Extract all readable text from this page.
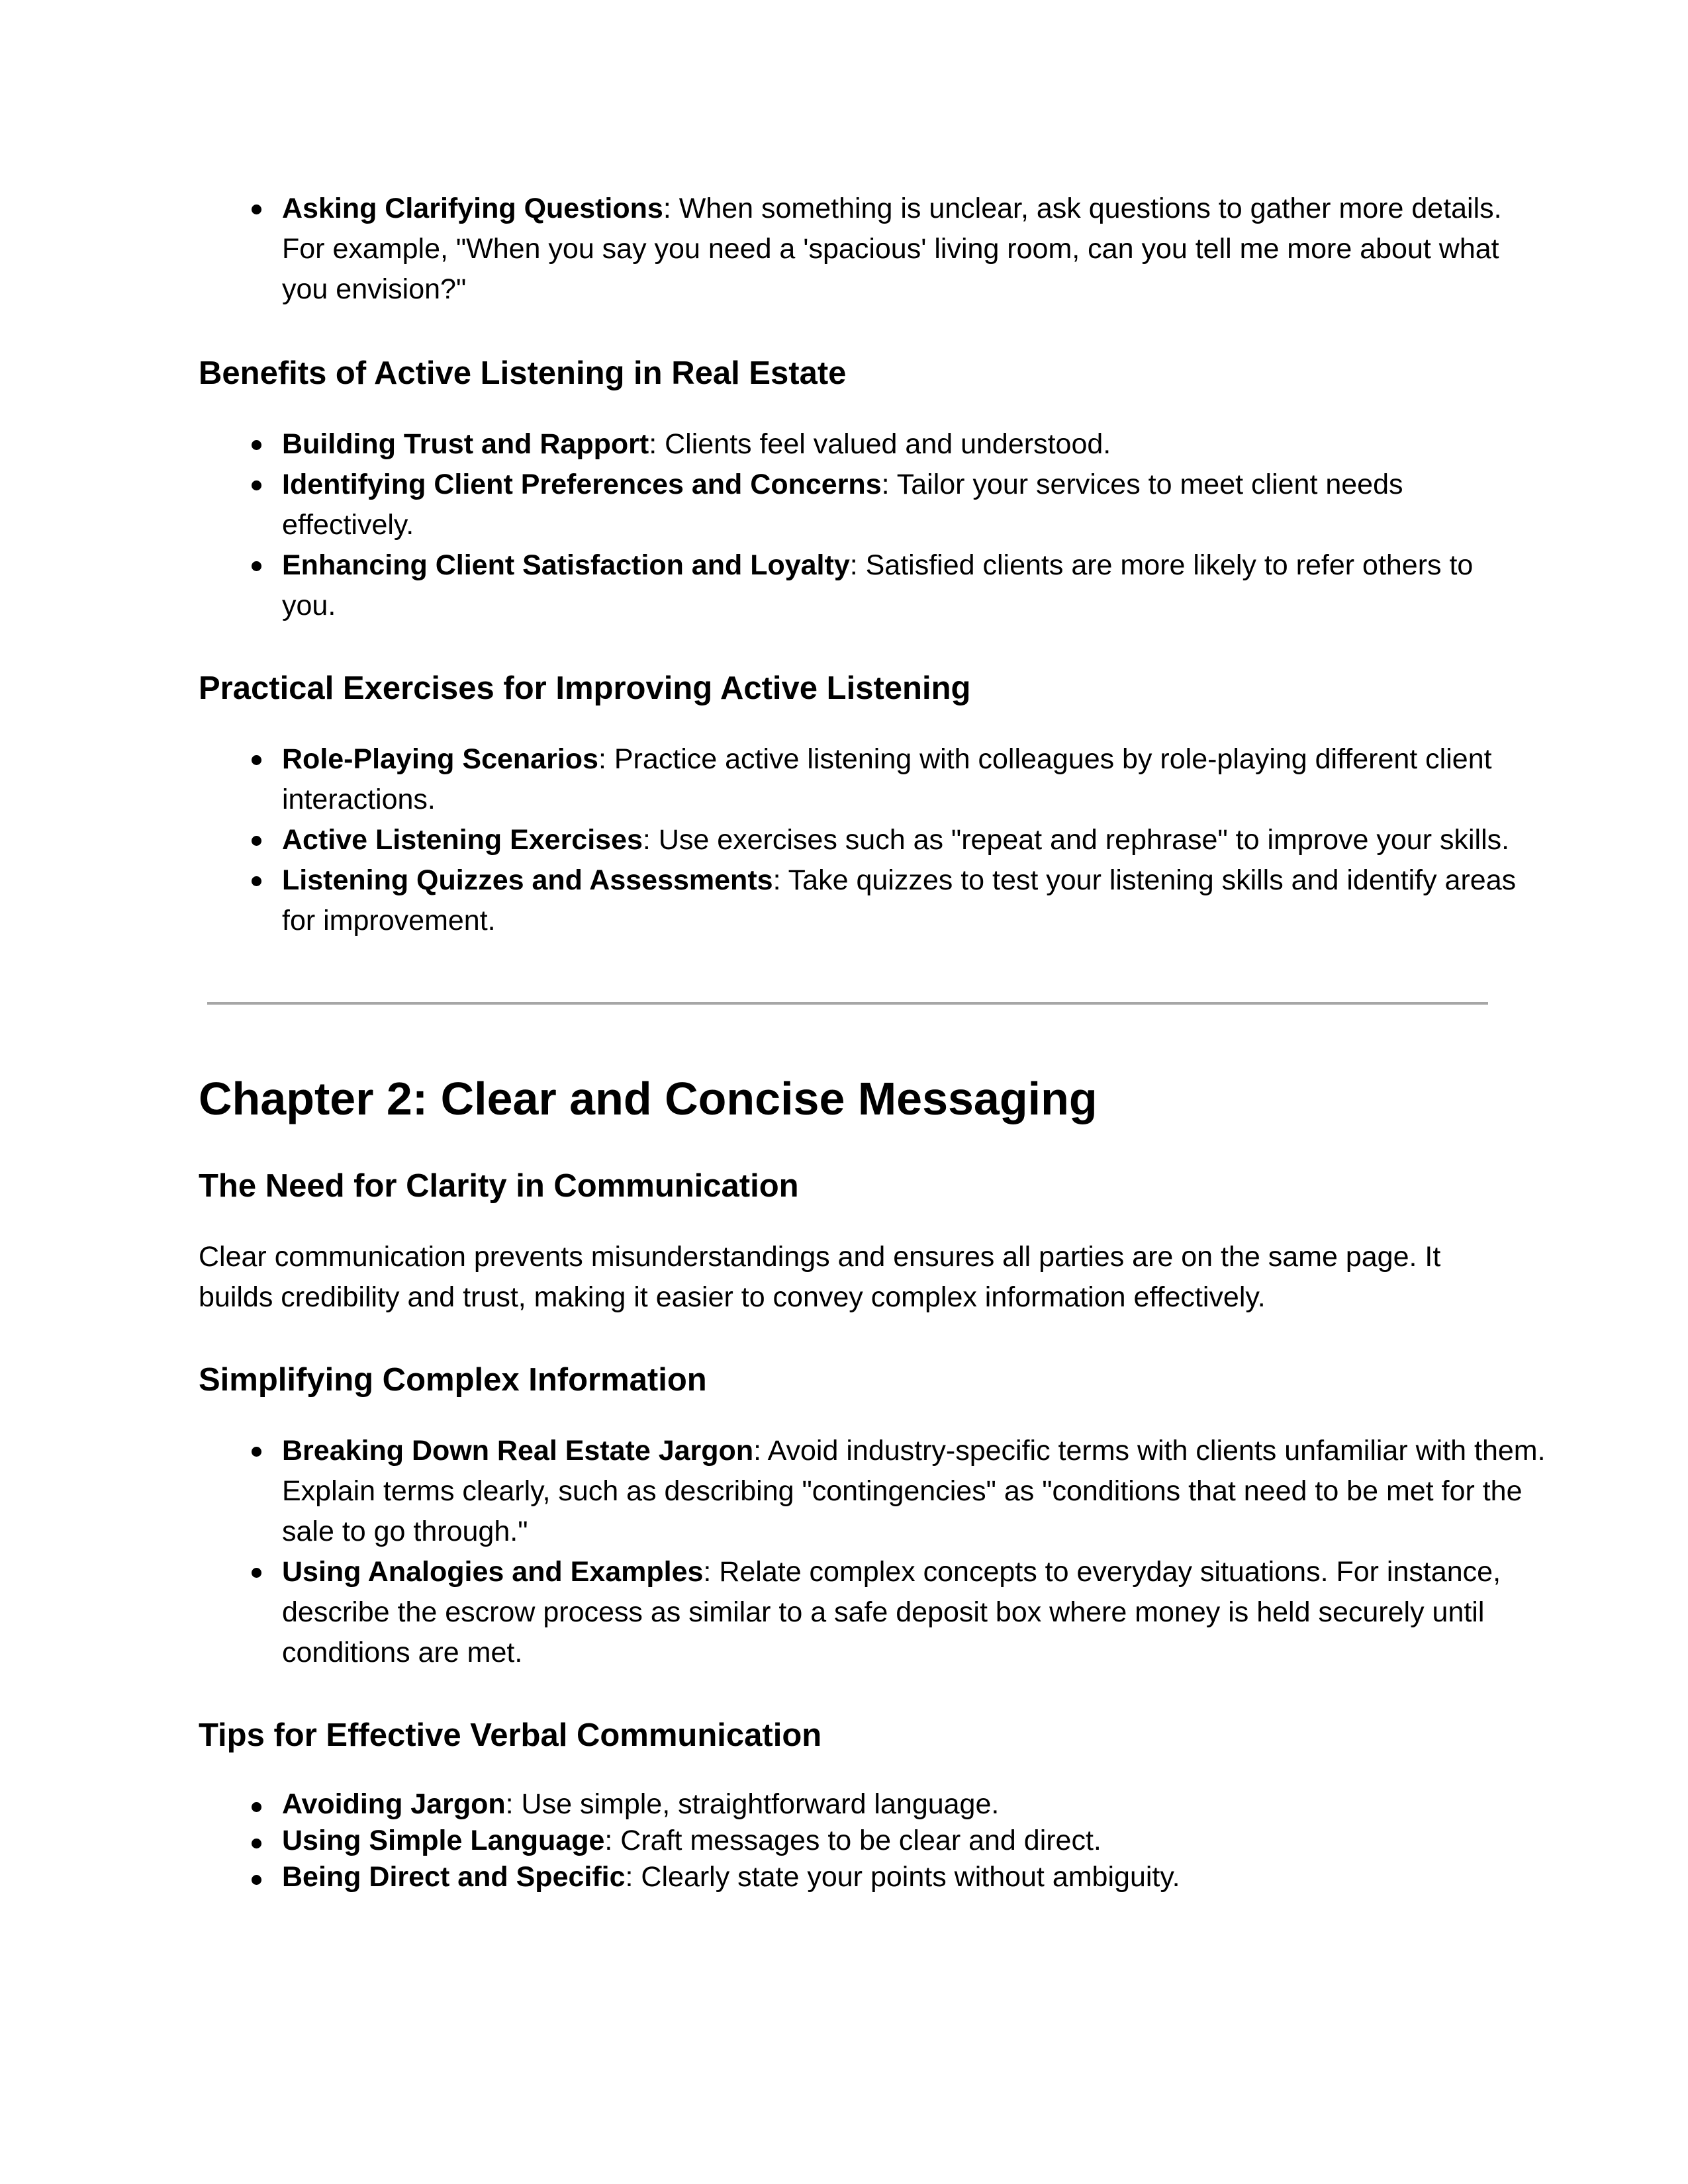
Asking Clarifying Questions: When something is unclear, ask questions to gather more details. For example, "When you say you need a 'spacious' living room, can you tell me more about what you envision?"
Benefits of Active Listening in Real Estate
Building Trust and Rapport: Clients feel valued and understood.
Identifying Client Preferences and Concerns: Tailor your services to meet client needs effectively.
Enhancing Client Satisfaction and Loyalty: Satisfied clients are more likely to refer others to you.
Practical Exercises for Improving Active Listening
Role-Playing Scenarios: Practice active listening with colleagues by role-playing different client interactions.
Active Listening Exercises: Use exercises such as "repeat and rephrase" to improve your skills.
Listening Quizzes and Assessments: Take quizzes to test your listening skills and identify areas for improvement.
Chapter 2: Clear and Concise Messaging
The Need for Clarity in Communication

Clear communication prevents misunderstandings and ensures all parties are on the same page. It builds credibility and trust, making it easier to convey complex information effectively.

Simplifying Complex Information
Breaking Down Real Estate Jargon: Avoid industry-specific terms with clients unfamiliar with them. Explain terms clearly, such as describing "contingencies" as "conditions that need to be met for the sale to go through."
Using Analogies and Examples: Relate complex concepts to everyday situations. For instance, describe the escrow process as similar to a safe deposit box where money is held securely until conditions are met.
Tips for Effective Verbal Communication
Avoiding Jargon: Use simple, straightforward language.
Using Simple Language: Craft messages to be clear and direct.
Being Direct and Specific: Clearly state your points without ambiguity.
